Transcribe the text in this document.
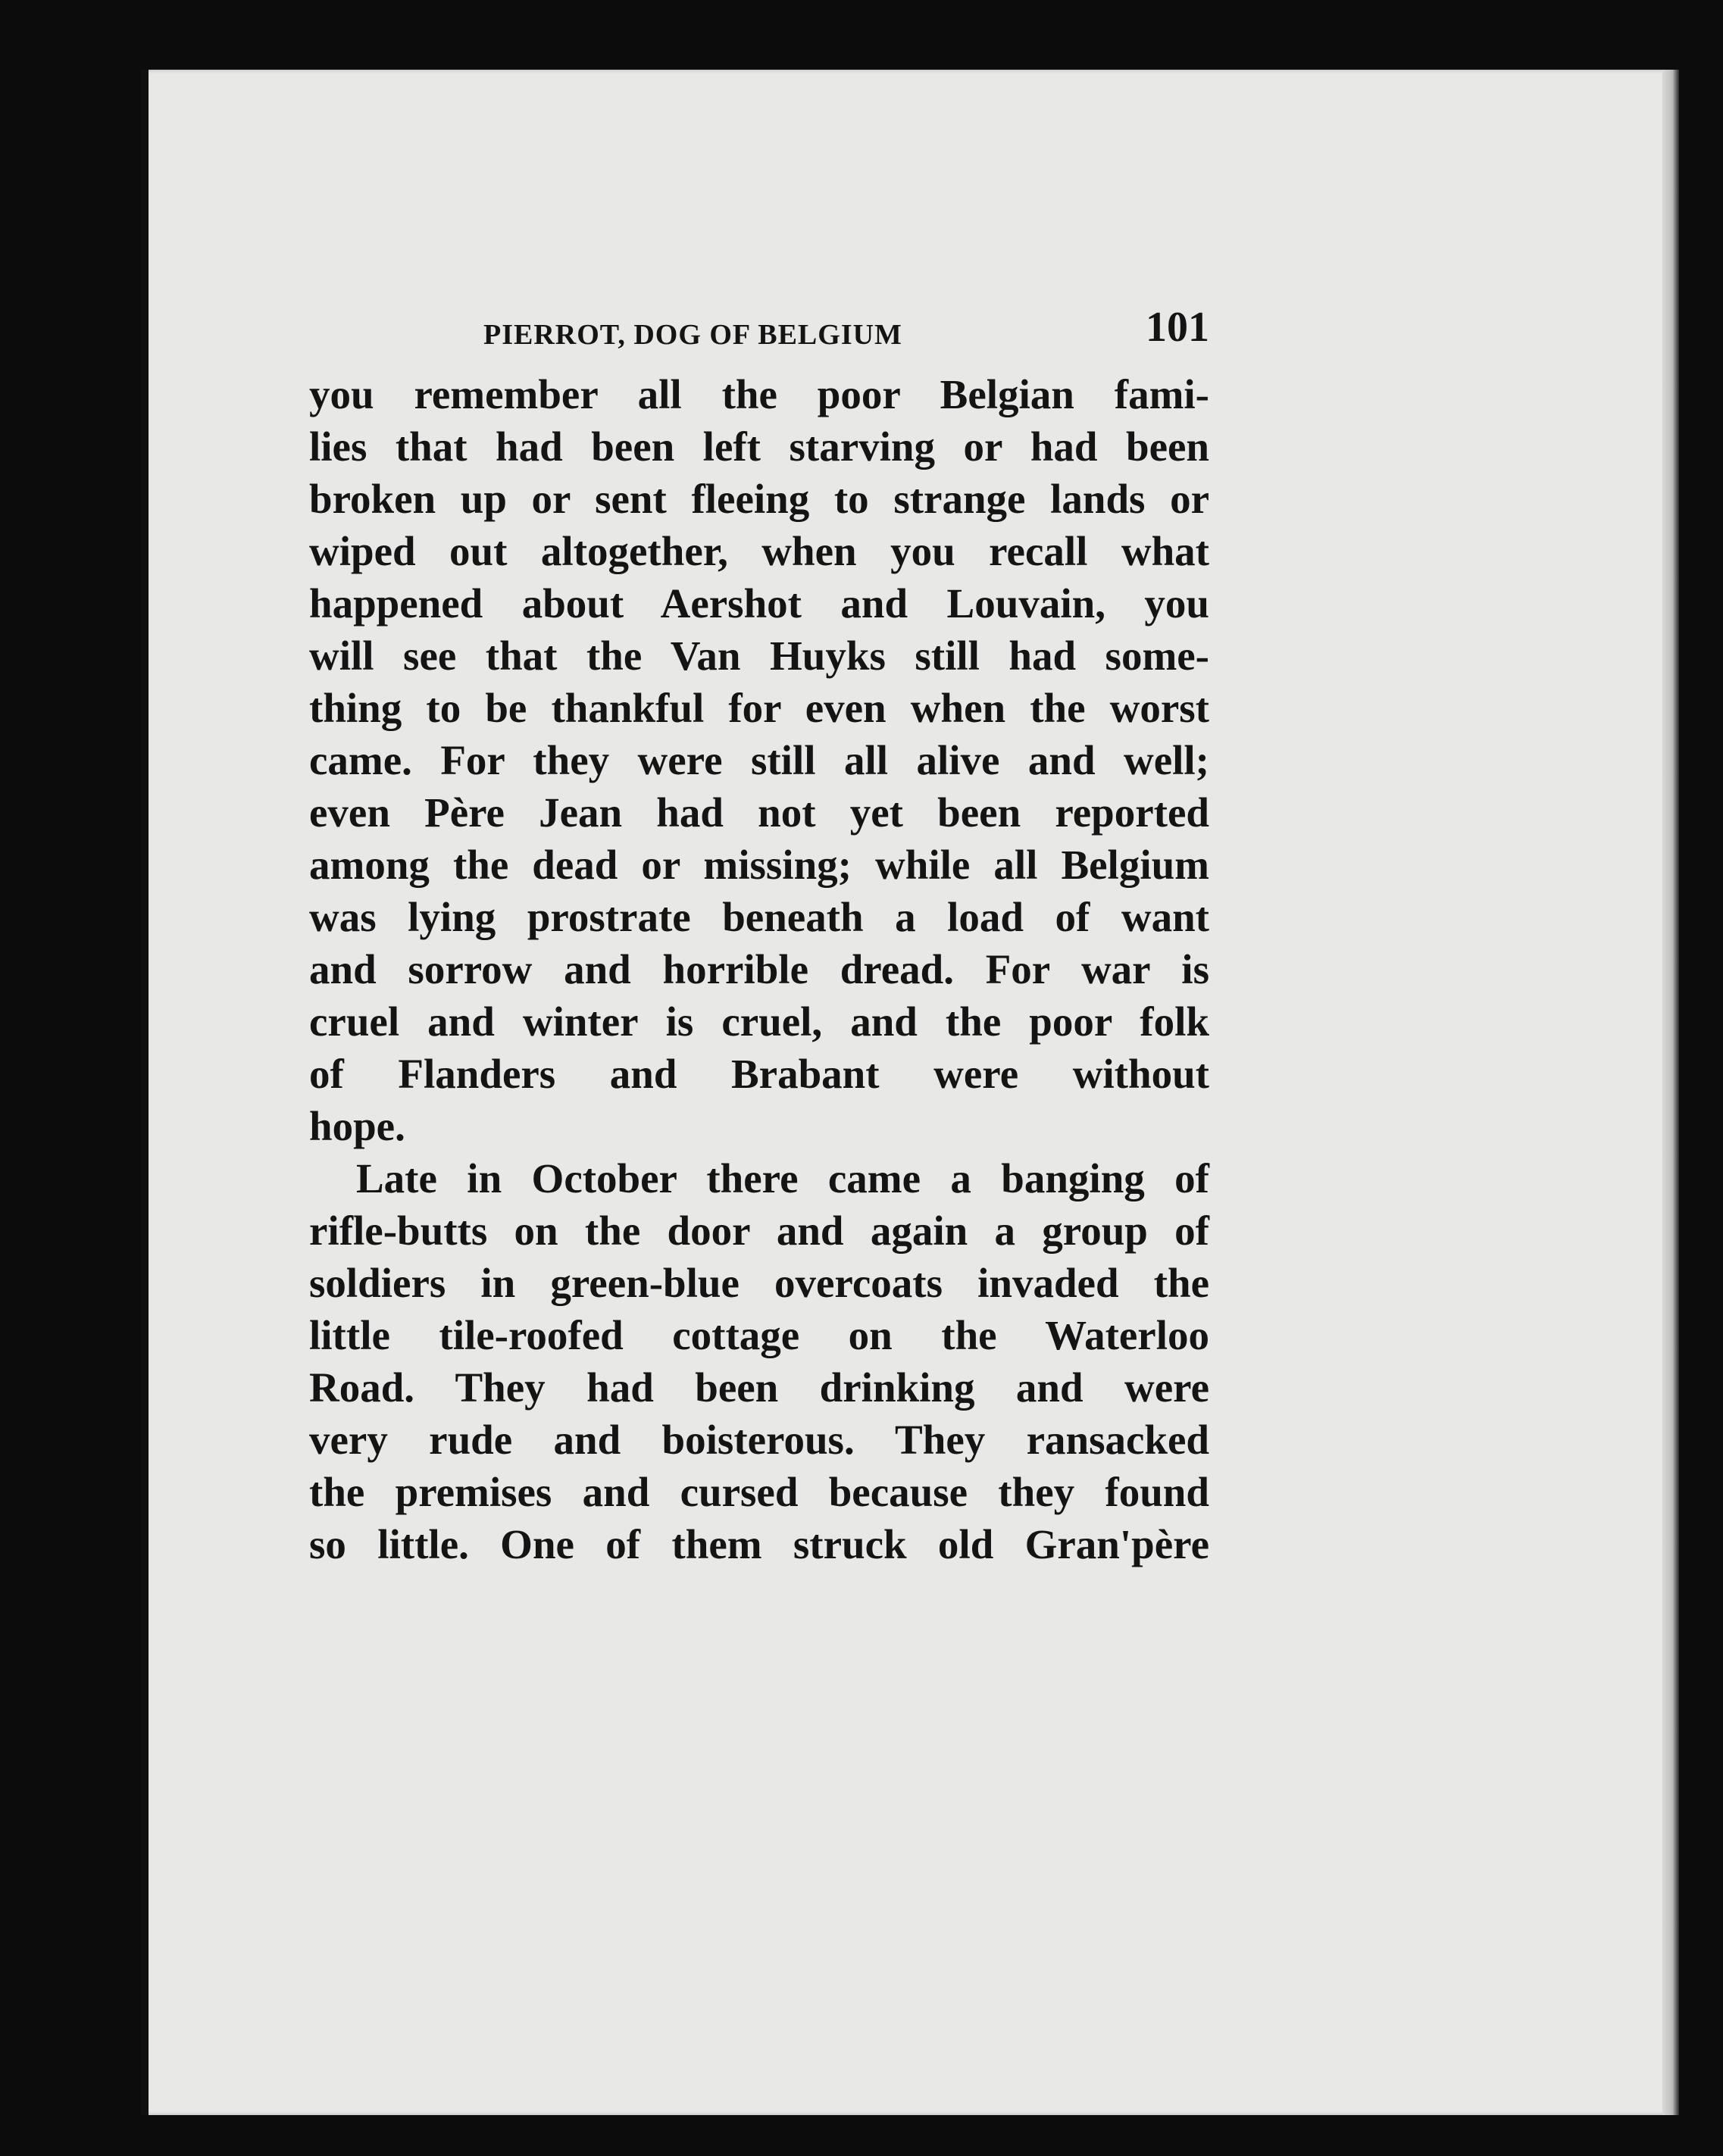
PIERROT, DOG OF BELGIUM	101
you remember all the poor Belgian fami-
lies that had been left starving or had been
broken up or sent fleeing to strange lands or
wiped out altogether, when you recall what
happened about Aershot and Louvain, you
will see that the Van Huyks still had some-
thing to be thankful for even when the worst
came. For they were still all alive and well;
even Père Jean had not yet been reported
among the dead or missing; while all Belgium
was lying prostrate beneath a load of want
and sorrow and horrible dread. For war is
cruel and winter is cruel, and the poor folk
of Flanders and Brabant were without
hope.
Late in October there came a banging of
rifle-butts on the door and again a group of
soldiers in green-blue overcoats invaded the
little tile-roofed cottage on the Waterloo
Road. They had been drinking and were
very rude and boisterous. They ransacked
the premises and cursed because they found
so little. One of them struck old Gran'père
